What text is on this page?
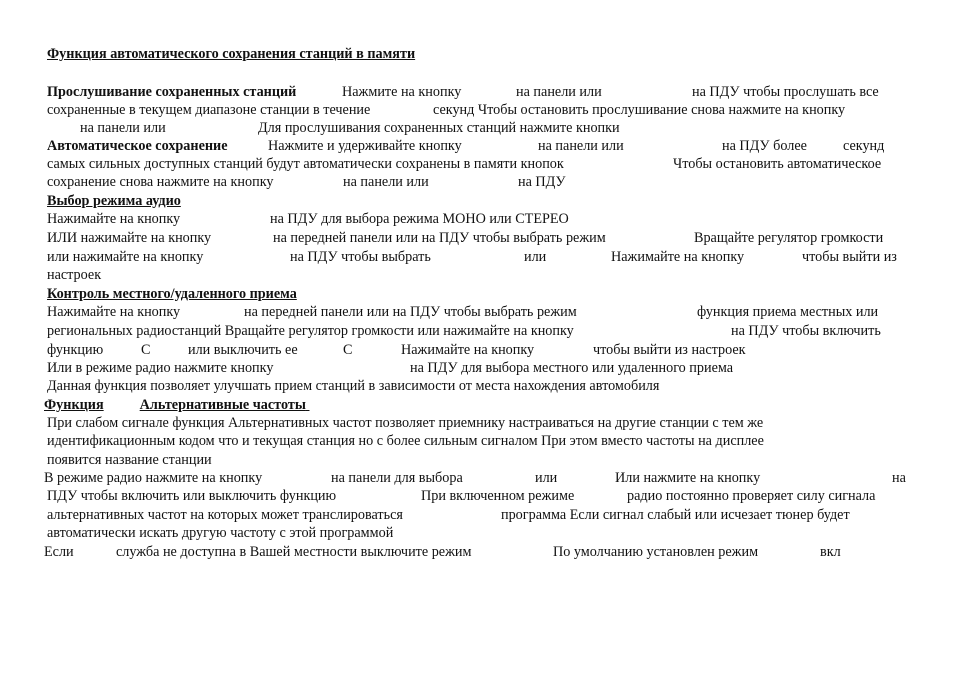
Функция автоматического сохранения станций в памяти
Прослушивание сохраненных станций	Нажмите на кнопку	на панели или	на ПДУ чтобы прослушать все
сохраненные в текущем диапазоне станции в течение	секунд Чтобы остановить прослушивание снова нажмите на кнопку
на панели или	Для прослушивания сохраненных станций нажмите кнопки
Автоматическое сохранение	Нажмите и удерживайте кнопку	на панели или	на ПДУ более	секунд
самых сильных доступных станций будут автоматически сохранены в памяти кнопок	Чтобы остановить автоматическое
сохранение снова нажмите на кнопку	на панели или	на ПДУ
Выбор режима аудио
Нажимайте на кнопку	на ПДУ для выбора режима МОНО или СТЕРЕО
ИЛИ нажимайте на кнопку	на передней панели или на ПДУ чтобы выбрать режим	Вращайте регулятор громкости
или нажимайте на кнопку	на ПДУ чтобы выбрать	или	Нажимайте на кнопку	чтобы выйти из
настроек
Контроль местного/удаленного приема
Нажимайте на кнопку	на передней панели или на ПДУ чтобы выбрать режим	функция приема местных или
региональных радиостанций Вращайте регулятор громкости или нажимайте на кнопку	на ПДУ чтобы включить
функцию	С	или выключить ее	С	Нажимайте на кнопку	чтобы выйти из настроек
Или в режиме радио нажмите кнопку	на ПДУ для выбора местного или удаленного приема
Данная функция позволяет улучшать прием станций в зависимости от места нахождения автомобиля
Функция	Альтернативные частоты
При слабом сигнале функция Альтернативных частот позволяет приемнику настраиваться на другие станции с тем же
идентификационным кодом что и текущая станция но с более сильным сигналом При этом вместо частоты на дисплее
появится название станции
В режиме радио нажмите на кнопку	на панели для выбора	или	Или нажмите на кнопку	на
ПДУ чтобы включить или выключить функцию	При включенном режиме	радио постоянно проверяет силу сигнала
альтернативных частот на которых может транслироваться	программа Если сигнал слабый или исчезает тюнер будет
автоматически искать другую частоту с этой программой
Если	служба не доступна в Вашей местности выключите режим	По умолчанию установлен режим	вкл
